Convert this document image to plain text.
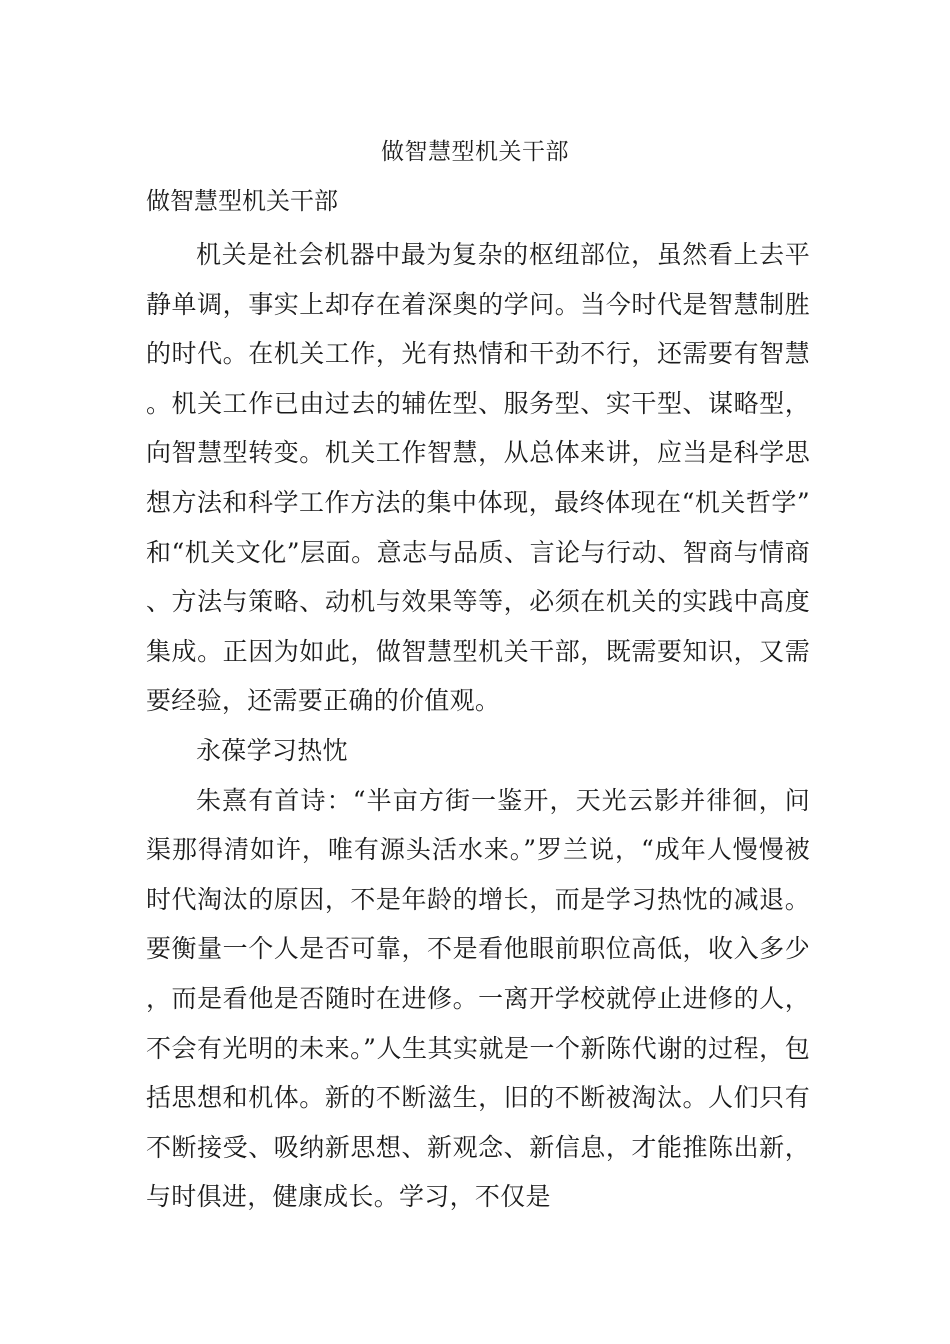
做智慧型机关干部
做智慧型机关干部

机关是社会机器中最为复杂的枢纽部位，虽然看上去平静单调，事实上却存在着深奥的学问。当今时代是智慧制胜的时代。在机关工作，光有热情和干劲不行，还需要有智慧。机关工作已由过去的辅佐型、服务型、实干型、谋略型，向智慧型转变。机关工作智慧，从总体来讲，应当是科学思想方法和科学工作方法的集中体现，最终体现在“机关哲学”和“机关文化”层面。意志与品质、言论与行动、智商与情商、方法与策略、动机与效果等等，必须在机关的实践中高度集成。正因为如此，做智慧型机关干部，既需要知识，又需要经验，还需要正确的价值观。

永葆学习热忱

朱熹有首诗：“半亩方街一鉴开，天光云影并徘徊，问渠那得清如许，唯有源头活水来。”罗兰说，“成年人慢慢被时代淘汰的原因，不是年龄的增长，而是学习热忱的减退。要衡量一个人是否可靠，不是看他眼前职位高低，收入多少，而是看他是否随时在进修。一离开学校就停止进修的人，不会有光明的未来。”人生其实就是一个新陈代谢的过程，包括思想和机体。新的不断滋生，旧的不断被淘汰。人们只有不断接受、吸纳新思想、新观念、新信息，才能推陈出新，与时俱进，健康成长。学习，不仅是
